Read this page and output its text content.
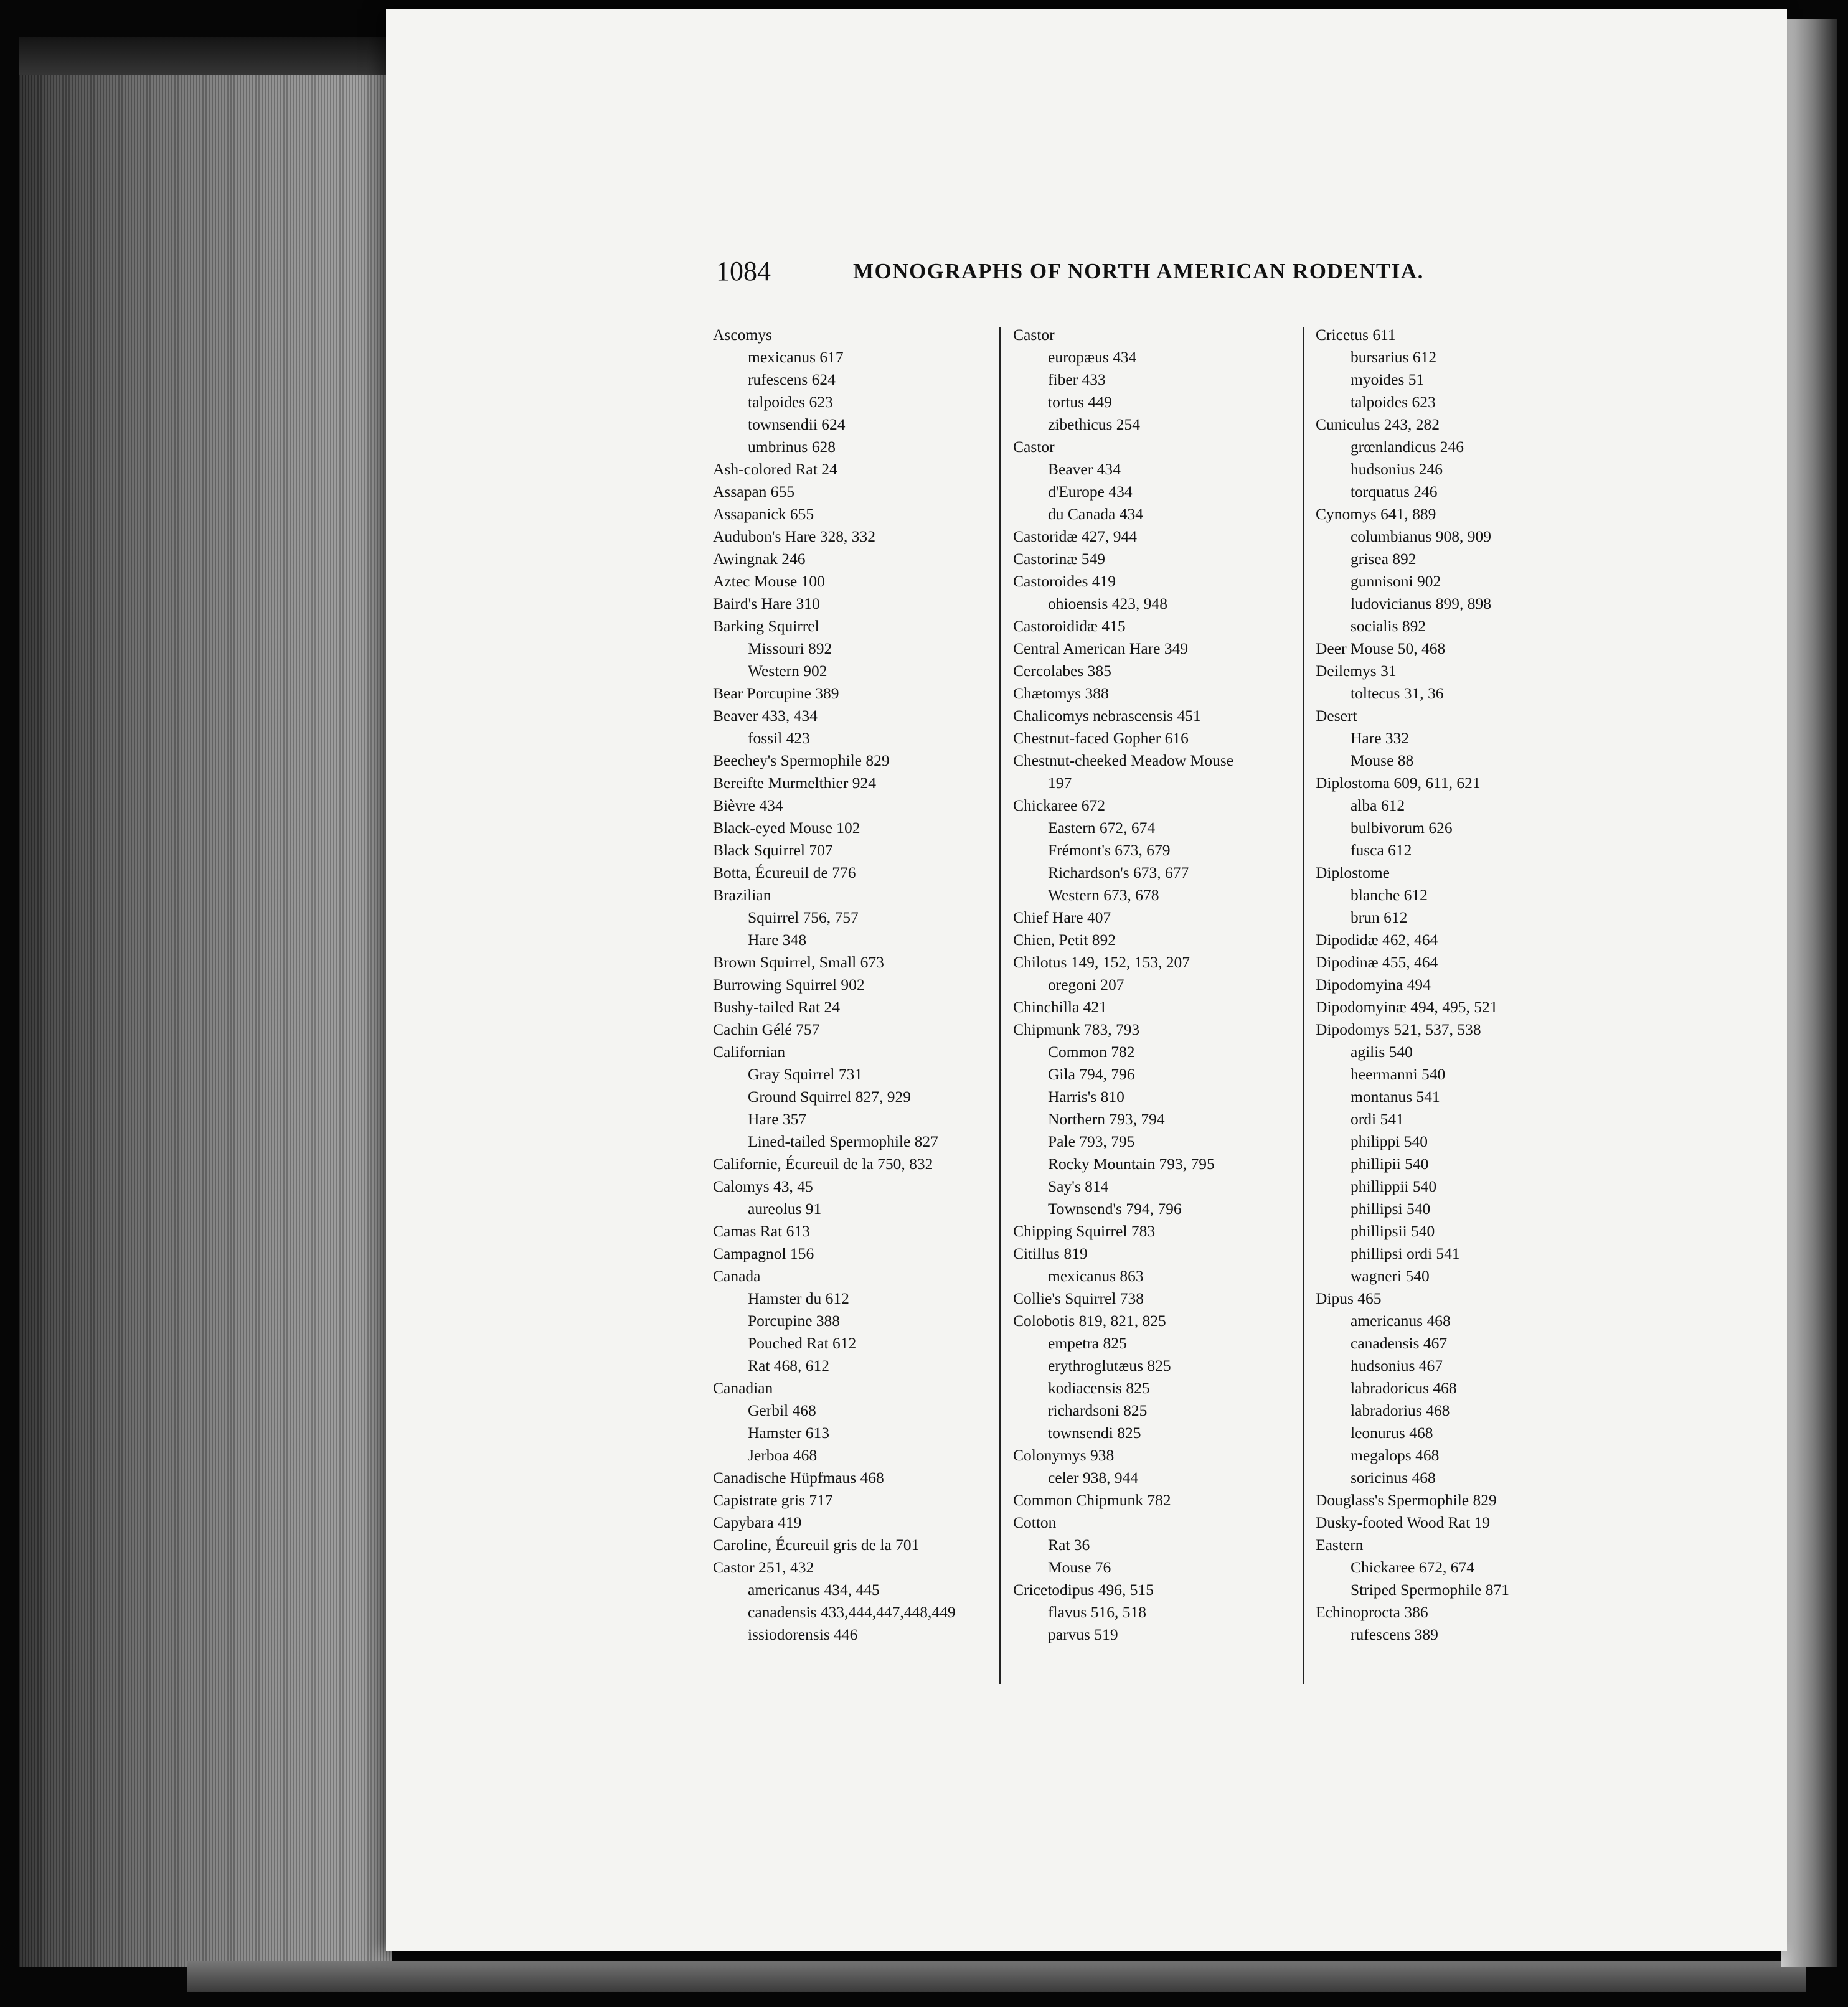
1084	MONOGRAPHS OF NORTH AMERICAN RODENTIA.
Ascomys
mexicanus 617
rufescens 624
talpoides 623
townsendii 624
umbrinus 628
Ash-colored Rat 24
Assapan 655
Assapanick 655
Audubon's Hare 328, 332
Awingnak 246
Aztec Mouse 100
Baird's Hare 310
Barking Squirrel
Missouri 892
Western 902
Bear Porcupine 389
Beaver 433, 434
fossil 423
Beechey's Spermophile 829
Bereifte Murmelthier 924
Bièvre 434
Black-eyed Mouse 102
Black Squirrel 707
Botta, Écureuil de 776
Brazilian
Squirrel 756, 757
Hare 348
Brown Squirrel, Small 673
Burrowing Squirrel 902
Bushy-tailed Rat 24
Cachin Gélé 757
Californian
Gray Squirrel 731
Ground Squirrel 827, 929
Hare 357
Lined-tailed Spermophile 827
Californie, Écureuil de la 750, 832
Calomys 43, 45
aureolus 91
Camas Rat 613
Campagnol 156
Canada
Hamster du 612
Porcupine 388
Pouched Rat 612
Rat 468, 612
Canadian
Gerbil 468
Hamster 613
Jerboa 468
Canadische Hüpfmaus 468
Capistrate gris 717
Capybara 419
Caroline, Écureuil gris de la 701
Castor 251, 432
americanus 434, 445
canadensis 433,444,447,448,449
issiodorensis 446
Castor
europæus 434
fiber 433
tortus 449
zibethicus 254
Castor
Beaver 434
d'Europe 434
du Canada 434
Castoridæ 427, 944
Castorinæ 549
Castoroides 419
ohioensis 423, 948
Castoroididæ 415
Central American Hare 349
Cercolabes 385
Chætomys 388
Chalicomys nebrascensis 451
Chestnut-faced Gopher 616
Chestnut-cheeked Meadow Mouse
197
Chickaree 672
Eastern 672, 674
Frémont's 673, 679
Richardson's 673, 677
Western 673, 678
Chief Hare 407
Chien, Petit 892
Chilotus 149, 152, 153, 207
oregoni 207
Chinchilla 421
Chipmunk 783, 793
Common 782
Gila 794, 796
Harris's 810
Northern 793, 794
Pale 793, 795
Rocky Mountain 793, 795
Say's 814
Townsend's 794, 796
Chipping Squirrel 783
Citillus 819
mexicanus 863
Collie's Squirrel 738
Colobotis 819, 821, 825
empetra 825
erythroglutæus 825
kodiacensis 825
richardsoni 825
townsendi 825
Colonymys 938
celer 938, 944
Common Chipmunk 782
Cotton
Rat 36
Mouse 76
Cricetodipus 496, 515
flavus 516, 518
parvus 519
Cricetus 611
bursarius 612
myoides 51
talpoides 623
Cuniculus 243, 282
grœnlandicus 246
hudsonius 246
torquatus 246
Cynomys 641, 889
columbianus 908, 909
grisea 892
gunnisoni 902
ludovicianus 899, 898
socialis 892
Deer Mouse 50, 468
Deilemys 31
toltecus 31, 36
Desert
Hare 332
Mouse 88
Diplostoma 609, 611, 621
alba 612
bulbivorum 626
fusca 612
Diplostome
blanche 612
brun 612
Dipodidæ 462, 464
Dipodinæ 455, 464
Dipodomyina 494
Dipodomyinæ 494, 495, 521
Dipodomys 521, 537, 538
agilis 540
heermanni 540
montanus 541
ordi 541
philippi 540
phillipii 540
phillippii 540
phillipsi 540
phillipsii 540
phillipsi ordi 541
wagneri 540
Dipus 465
americanus 468
canadensis 467
hudsonius 467
labradoricus 468
labradorius 468
leonurus 468
megalops 468
soricinus 468
Douglass's Spermophile 829
Dusky-footed Wood Rat 19
Eastern
Chickaree 672, 674
Striped Spermophile 871
Echinoprocta 386
rufescens 389
